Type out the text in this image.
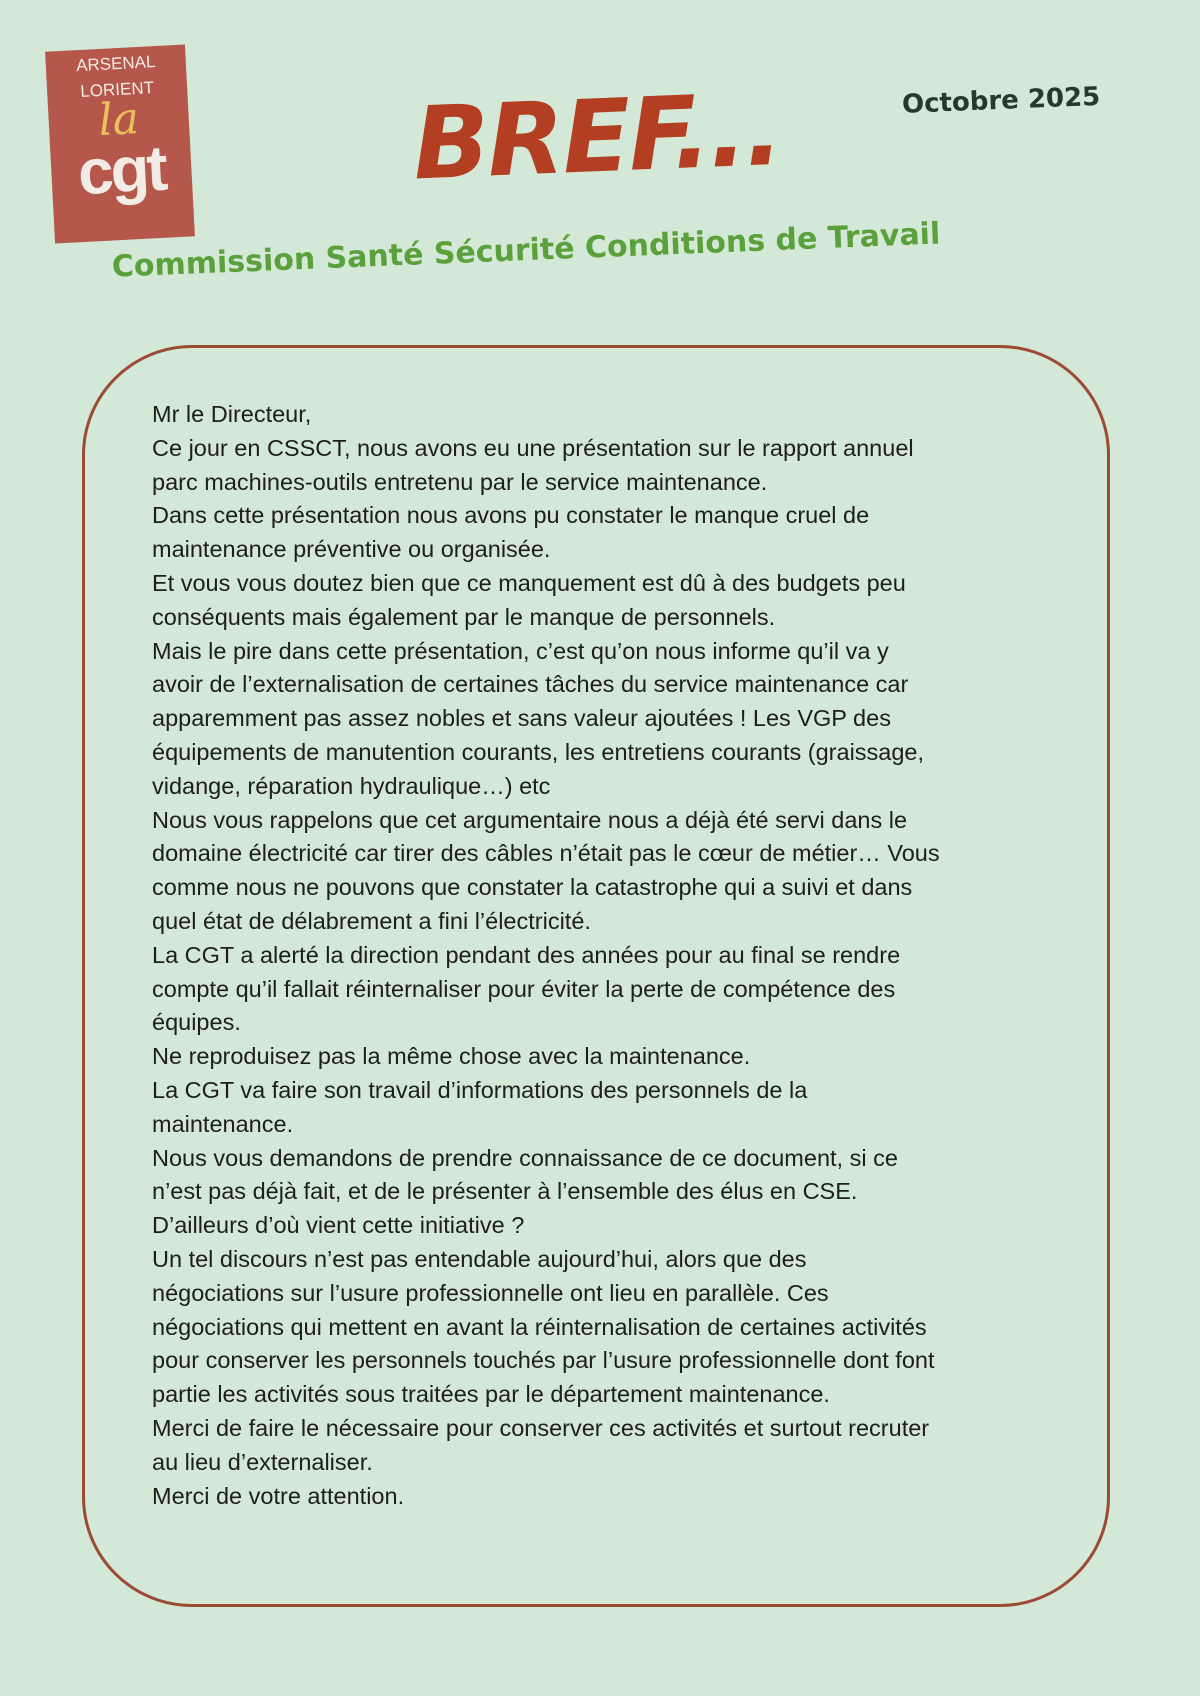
ARSENAL
LORIENT
la
cgt BREF...	Octobre 2025
Commission Santé Sécurité Conditions de Travail
Mr le Directeur,
Ce jour en CSSCT, nous avons eu une présentation sur le rapport annuel
parc machines-outils entretenu par le service maintenance.
Dans cette présentation nous avons pu constater le manque cruel de
maintenance préventive ou organisée.
Et vous vous doutez bien que ce manquement est dû à des budgets peu
conséquents mais également par le manque de personnels.
Mais le pire dans cette présentation, c’est qu’on nous informe qu’il va y
avoir de l’externalisation de certaines tâches du service maintenance car
apparemment pas assez nobles et sans valeur ajoutées ! Les VGP des
équipements de manutention courants, les entretiens courants (graissage,
vidange, réparation hydraulique…) etc
Nous vous rappelons que cet argumentaire nous a déjà été servi dans le
domaine électricité car tirer des câbles n’était pas le cœur de métier… Vous
comme nous ne pouvons que constater la catastrophe qui a suivi et dans
quel état de délabrement a fini l’électricité.
La CGT a alerté la direction pendant des années pour au final se rendre
compte qu’il fallait réinternaliser pour éviter la perte de compétence des
équipes.
Ne reproduisez pas la même chose avec la maintenance.
La CGT va faire son travail d’informations des personnels de la
maintenance.
Nous vous demandons de prendre connaissance de ce document, si ce
n’est pas déjà fait, et de le présenter à l’ensemble des élus en CSE.
D’ailleurs d’où vient cette initiative ?
Un tel discours n’est pas entendable aujourd’hui, alors que des
négociations sur l’usure professionnelle ont lieu en parallèle. Ces
négociations qui mettent en avant la réinternalisation de certaines activités
pour conserver les personnels touchés par l’usure professionnelle dont font
partie les activités sous traitées par le département maintenance.
Merci de faire le nécessaire pour conserver ces activités et surtout recruter
au lieu d’externaliser.
Merci de votre attention.
